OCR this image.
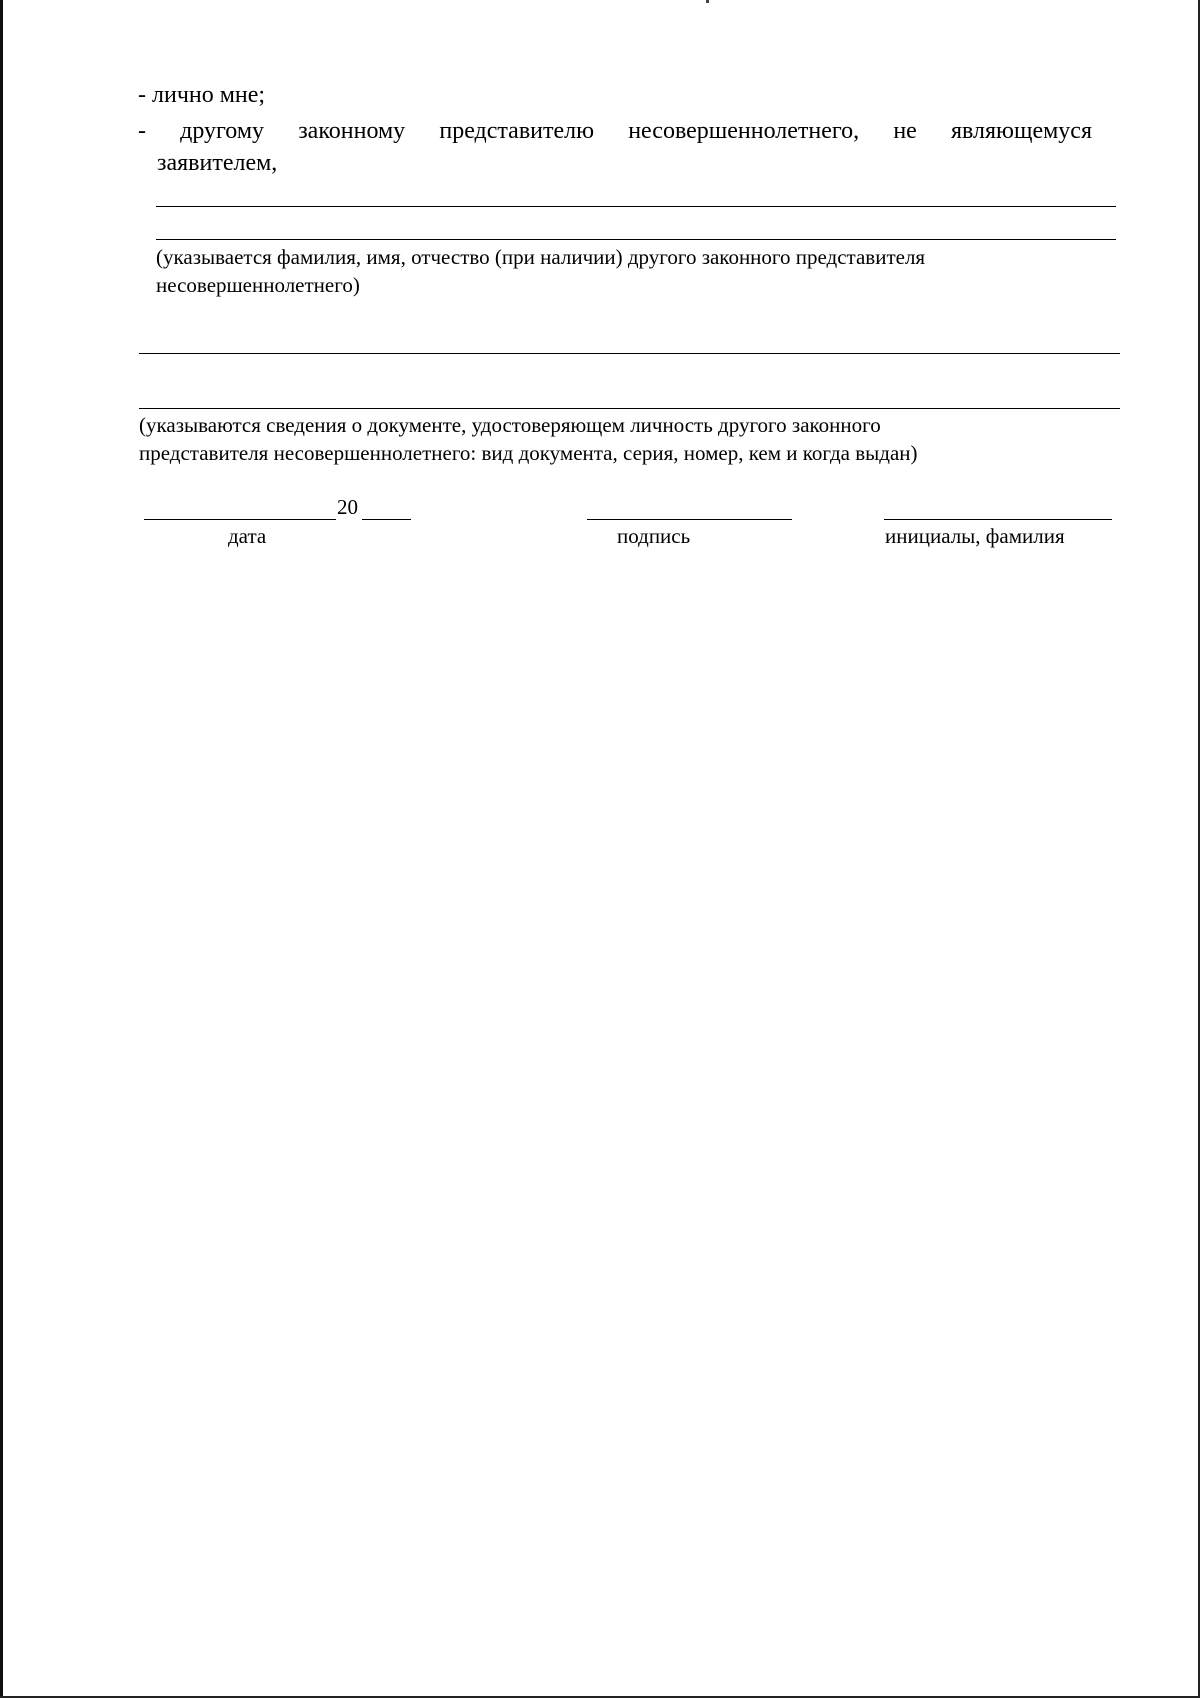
- лично мне;
- другому законному представителю несовершеннолетнего, не являющемуся
заявителем,
(указывается фамилия, имя, отчество (при наличии) другого законного представителя
несовершеннолетнего)
(указываются сведения о документе, удостоверяющем личность другого законного
представителя несовершеннолетнего: вид документа, серия, номер, кем и когда выдан)
20
дата	подпись	инициалы, фамилия
